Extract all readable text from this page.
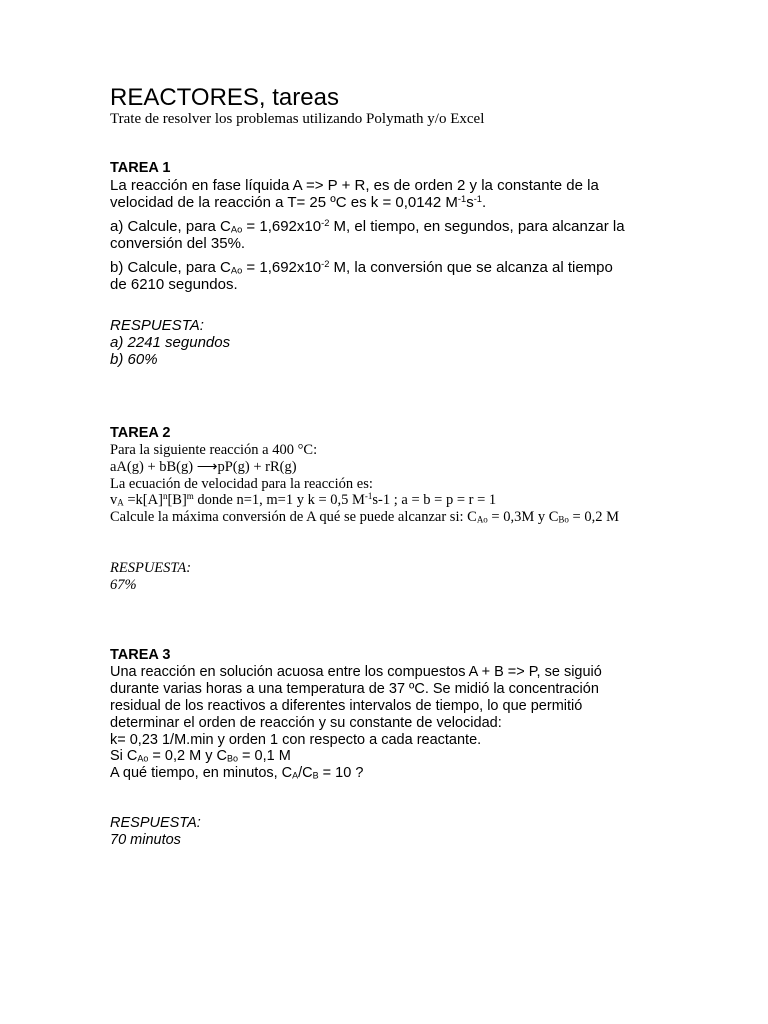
REACTORES, tareas
Trate de resolver los problemas utilizando Polymath y/o Excel
TAREA 1
La reacción en fase líquida A => P + R, es de orden 2 y la constante de la
velocidad de la reacción a T= 25 ºC es k = 0,0142 $M^{-1}s^{-1}$.
a) Calcule, para $C_{Ao} = 1,692x10^{-2}$ M, el tiempo, en segundos, para alcanzar la
conversión del 35%.
b) Calcule, para $C_{Ao} = 1,692x10^{-2}$ M, la conversión que se alcanza al tiempo
de 6210 segundos.
RESPUESTA:
a) 2241 segundos
b) 60%
TAREA 2
Para la siguiente reacción a 400 °C:
aA(g) + bB(g) ⟶pP(g) + rR(g)
La ecuación de velocidad para la reacción es:
$v_A =k[A]^n[B]^m$ donde n=1, m=1 y k = 0,5 $M^{-1}s-1$ ; a = b = p = r = 1
Calcule la máxima conversión de A qué se puede alcanzar si: $C_{Ao} = 0,3M$ y $C_{Bo} = 0,2$ M
RESPUESTA:
67%
TAREA 3
Una reacción en solución acuosa entre los compuestos A + B => P, se siguió
durante varias horas a una temperatura de 37 ºC. Se midió la concentración
residual de los reactivos a diferentes intervalos de tiempo, lo que permitió
determinar el orden de reacción y su constante de velocidad:
k= 0,23 1/M.min y orden 1 con respecto a cada reactante.
Si $C_{Ao} = 0,2$ M y $C_{Bo} = 0,1$ M
A qué tiempo, en minutos, $C_A/C_B = 10$ ?
RESPUESTA:
70 minutos
